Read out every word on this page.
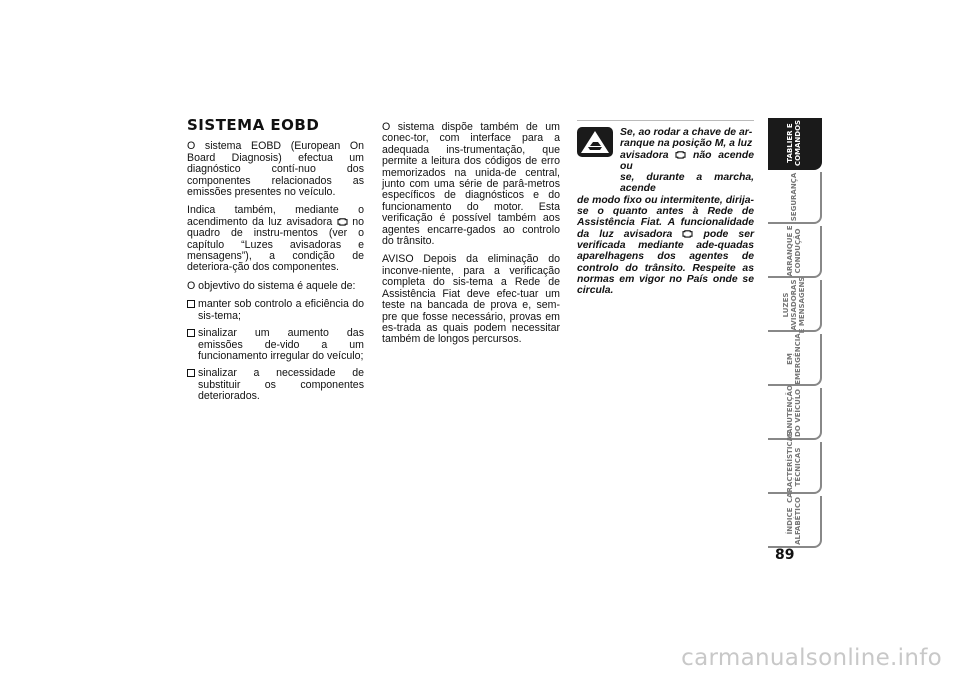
SISTEMA EOBD

O sistema EOBD (European On Board Diagnosis) efectua um diagnóstico contí-nuo dos componentes relacionados as emissões presentes no veículo.

Indica também, mediante o acendimento da luz avisadora no quadro de instru-mentos (ver o capítulo “Luzes avisadoras e mensagens”), a condição de deteriora-ção dos componentes.

O objevtivo do sistema é aquele de:

manter sob controlo a eficiência do sis-tema;
sinalizar um aumento das emissões de-vido a um funcionamento irregular do veículo;
sinalizar a necessidade de substituir os componentes deteriorados.

O sistema dispõe também de um conec-tor, com interface para a adequada ins-trumentação, que permite a leitura dos códigos de erro memorizados na unida-de central, junto com uma série de parâ-metros específicos de diagnósticos e do funcionamento do motor. Esta verificação é possível também aos agentes encarre-gados ao controlo do trânsito.

AVISO Depois da eliminação do inconve-niente, para a verificação completa do sis-tema a Rede de Assistência Fiat deve efec-tuar um teste na bancada de prova e, sem-pre que fosse necessário, provas em es-trada as quais podem necessitar também de longos percursos.

Se, ao rodar a chave de ar-
ranque na posição M, a luz
avisadora não acende ou
se, durante a marcha, acende
de modo fixo ou intermitente, dirija-se o quanto antes à Rede de Assistência Fiat. A funcionalidade da luz avisadora	pode ser verificada mediante ade-quadas aparelhagens dos agentes de controlo do trânsito. Respeite as normas em vigor no País onde se circula.

TABLIER E
COMANDOS
SEGURANÇA
ARRANQUE E
CONDUÇÃO
LUZES
AVISADORAS
E MENSAGENS
EM
EMERGÊNCIA
MANUTENÇÃO
DO VEÍCULO
CARACTERÍSTICAS
TÉCNICAS
ÍNDICE
ALFABÉTICO
89
carmanualsonline.info
